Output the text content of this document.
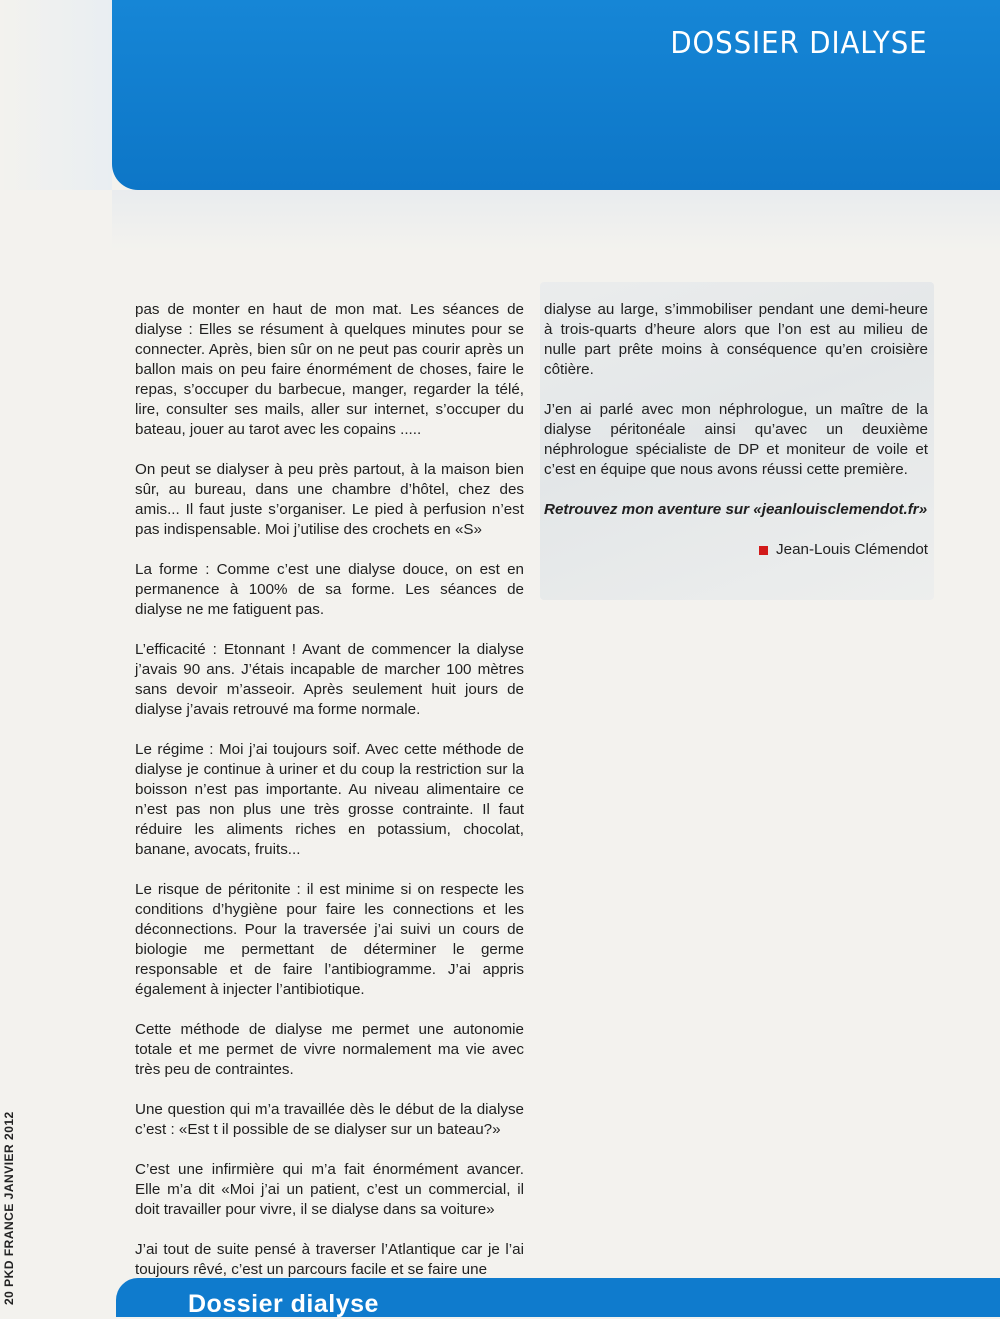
DOSSIER DIALYSE

pas de monter en haut de mon mat. Les séances de dialyse : Elles se résument à quelques minutes pour se connecter. Après, bien sûr on ne peut pas courir après un ballon mais on peu faire énormément de choses, faire le repas, s’occuper du barbecue, manger, regarder la télé, lire, consulter ses mails, aller sur internet, s’occuper du bateau, jouer au tarot avec les copains .....

On peut se dialyser à peu près partout, à la maison bien sûr, au bureau, dans une chambre d’hôtel, chez des amis... Il faut juste s’organiser. Le pied à perfusion n’est pas indispensable. Moi j’utilise des crochets en «S»

La forme : Comme c’est une dialyse douce, on est en permanence à 100% de sa forme. Les séances de dialyse ne me fatiguent pas.

L’efficacité : Etonnant ! Avant de commencer la dialyse j’avais 90 ans. J’étais incapable de marcher 100 mètres sans devoir m’asseoir. Après seulement huit jours de dialyse j’avais retrouvé ma forme normale.

Le régime : Moi j’ai toujours soif. Avec cette méthode de dialyse je continue à uriner et du coup la restriction sur la boisson n’est pas importante. Au niveau alimentaire ce n’est pas non plus une très grosse contrainte. Il faut réduire les aliments riches en potassium, chocolat, banane, avocats, fruits...

Le risque de péritonite : il est minime si on respecte les conditions d’hygiène pour faire les connections et les déconnections. Pour la traversée j’ai suivi un cours de biologie me permettant de déterminer le germe responsable et de faire l’antibiogramme. J’ai appris également à injecter l’antibiotique.

Cette méthode de dialyse me permet une autonomie totale et me permet de vivre normalement ma vie avec très peu de contraintes.

Une question qui m’a travaillée dès le début de la dialyse c’est : «Est t il possible de se dialyser sur un bateau?»

C’est une infirmière qui m’a fait énormément avancer. Elle m’a dit «Moi j’ai un patient, c’est un commercial, il doit travailler pour vivre, il se dialyse dans sa voiture»

J’ai tout de suite pensé à traverser l’Atlantique car je l’ai toujours rêvé, c’est un parcours facile et se faire une

dialyse au large, s’immobiliser pendant une demi-heure à trois-quarts d’heure alors que l’on est au milieu de nulle part prête moins à conséquence qu’en croisière côtière.

J’en ai parlé avec mon néphrologue, un maître de la dialyse péritonéale ainsi qu’avec un deuxième néphrologue spécialiste de DP et moniteur de voile et c’est en équipe que nous avons réussi cette première.

Retrouvez mon aventure sur «jeanlouisclemendot.fr»

Jean-Louis Clémendot
20 PKD FRANCE JANVIER 2012	Dossier dialyse
